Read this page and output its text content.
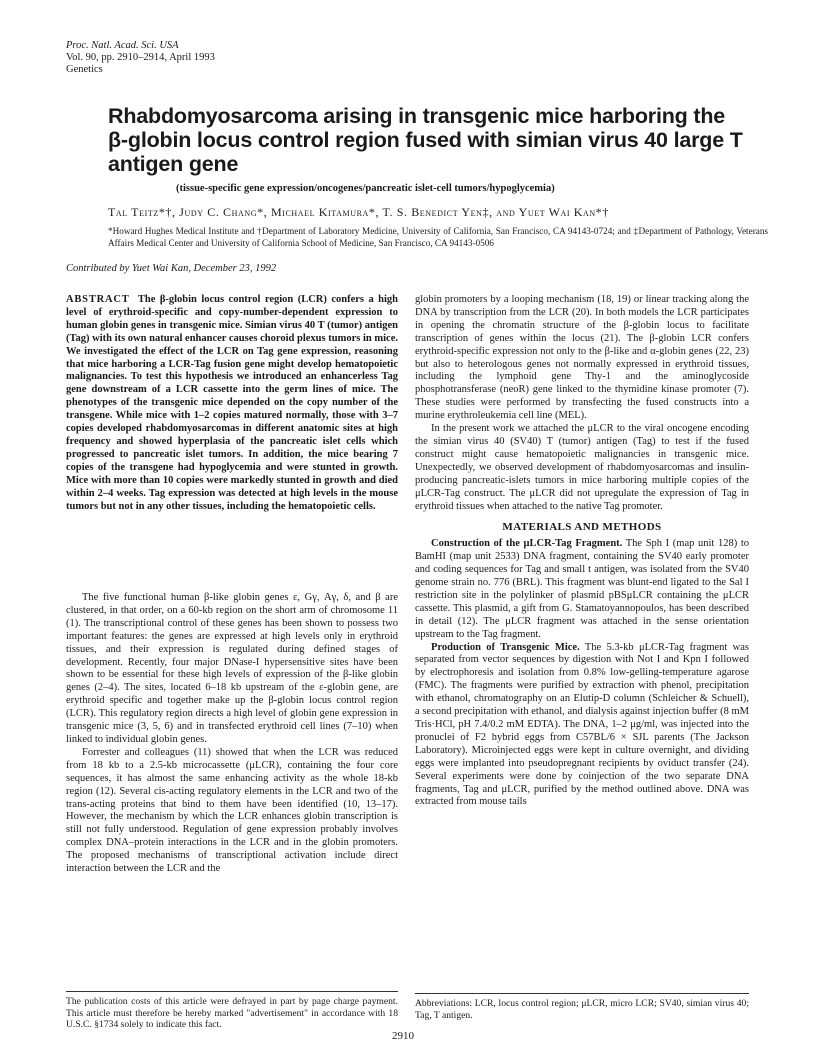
Proc. Natl. Acad. Sci. USA
Vol. 90, pp. 2910–2914, April 1993
Genetics
Rhabdomyosarcoma arising in transgenic mice harboring the β-globin locus control region fused with simian virus 40 large T antigen gene
(tissue-specific gene expression/oncogenes/pancreatic islet-cell tumors/hypoglycemia)
Tal Teitz*†, Judy C. Chang*, Michael Kitamura*, T. S. Benedict Yen‡, and Yuet Wai Kan*†
*Howard Hughes Medical Institute and †Department of Laboratory Medicine, University of California, San Francisco, CA 94143-0724; and ‡Department of Pathology, Veterans Affairs Medical Center and University of California School of Medicine, San Francisco, CA 94143-0506
Contributed by Yuet Wai Kan, December 23, 1992
ABSTRACT The β-globin locus control region (LCR) confers a high level of erythroid-specific and copy-number-dependent expression to human globin genes in transgenic mice. Simian virus 40 T (tumor) antigen (Tag) with its own natural enhancer causes choroid plexus tumors in mice. We investigated the effect of the LCR on Tag gene expression, reasoning that mice harboring a LCR-Tag fusion gene might develop hematopoietic malignancies. To test this hypothesis we introduced an enhancerless Tag gene downstream of a LCR cassette into the germ lines of mice. The phenotypes of the transgenic mice depended on the copy number of the transgene. While mice with 1–2 copies matured normally, those with 3–7 copies developed rhabdomyosarcomas in different anatomic sites at high frequency and showed hyperplasia of the pancreatic islet cells which progressed to pancreatic islet tumors. In addition, the mice bearing 7 copies of the transgene had hypoglycemia and were stunted in growth. Mice with more than 10 copies were markedly stunted in growth and died within 2–4 weeks. Tag expression was detected at high levels in the mouse tumors but not in any other tissues, including the hematopoietic cells.

The five functional human β-like globin genes ε, Gγ, Aγ, δ, and β are clustered, in that order, on a 60-kb region on the short arm of chromosome 11 (1). The transcriptional control of these genes has been shown to possess two important features: the genes are expressed at high levels only in erythroid tissues, and their expression is regulated during defined stages of development. Recently, four major DNase-I hypersensitive sites have been shown to be essential for these high levels of expression of the β-like globin genes (2–4). The sites, located 6–18 kb upstream of the ε-globin gene, are erythroid specific and together make up the β-globin locus control region (LCR). This regulatory region directs a high level of globin gene expression in transgenic mice (3, 5, 6) and in transfected erythroid cell lines (7–10) when linked to individual globin genes.

Forrester and colleagues (11) showed that when the LCR was reduced from 18 kb to a 2.5-kb microcassette (μLCR), containing the four core sequences, it has almost the same enhancing activity as the whole 18-kb region (12). Several cis-acting regulatory elements in the LCR and two of the trans-acting proteins that bind to them have been identified (10, 13–17). However, the mechanism by which the LCR enhances globin transcription is still not fully understood. Regulation of gene expression probably involves complex DNA–protein interactions in the LCR and in the globin promoters. The proposed mechanisms of transcriptional activation include direct interaction between the LCR and the

globin promoters by a looping mechanism (18, 19) or linear tracking along the DNA by transcription from the LCR (20). In both models the LCR participates in opening the chromatin structure of the β-globin locus to facilitate transcription of genes within the locus (21). The β-globin LCR confers erythroid-specific expression not only to the β-like and α-globin genes (22, 23) but also to heterologous genes not normally expressed in erythroid tissues, including the lymphoid gene Thy-1 and the aminoglycoside phosphotransferase (neoR) gene linked to the thymidine kinase promoter (7). These studies were performed by transfecting the fused constructs into a murine erythroleukemia cell line (MEL).

In the present work we attached the μLCR to the viral oncogene encoding the simian virus 40 (SV40) T (tumor) antigen (Tag) to test if the fused construct might cause hematopoietic malignancies in transgenic mice. Unexpectedly, we observed development of rhabdomyosarcomas and insulin-producing pancreatic-islets tumors in mice harboring multiple copies of the μLCR-Tag construct. The μLCR did not upregulate the expression of Tag in erythroid tissues when attached to the native Tag promoter.

MATERIALS AND METHODS

Construction of the μLCR-Tag Fragment. The Sph I (map unit 128) to BamHI (map unit 2533) DNA fragment, containing the SV40 early promoter and coding sequences for Tag and small t antigen, was isolated from the SV40 genome strain no. 776 (BRL). This fragment was blunt-end ligated to the Sal I restriction site in the polylinker of plasmid pBSμLCR containing the μLCR cassette. This plasmid, a gift from G. Stamatoyannopoulos, has been described in detail (12). The μLCR fragment was attached in the sense orientation upstream to the Tag fragment.

Production of Transgenic Mice. The 5.3-kb μLCR-Tag fragment was separated from vector sequences by digestion with Not I and Kpn I followed by electrophoresis and isolation from 0.8% low-gelling-temperature agarose (FMC). The fragments were purified by extraction with phenol, precipitation with ethanol, chromatography on an Elutip-D column (Schleicher & Schuell), a second precipitation with ethanol, and dialysis against injection buffer (8 mM Tris·HCl, pH 7.4/0.2 mM EDTA). The DNA, 1–2 μg/ml, was injected into the pronuclei of F2 hybrid eggs from C57BL/6 × SJL parents (The Jackson Laboratory). Microinjected eggs were kept in culture overnight, and dividing eggs were implanted into pseudopregnant recipients by oviduct transfer (24). Several experiments were done by coinjection of the two separate DNA fragments, Tag and μLCR, purified by the method outlined above. DNA was extracted from mouse tails

The publication costs of this article were defrayed in part by page charge payment. This article must therefore be hereby marked "advertisement" in accordance with 18 U.S.C. §1734 solely to indicate this fact.
Abbreviations: LCR, locus control region; μLCR, micro LCR; SV40, simian virus 40; Tag, T antigen.
2910
